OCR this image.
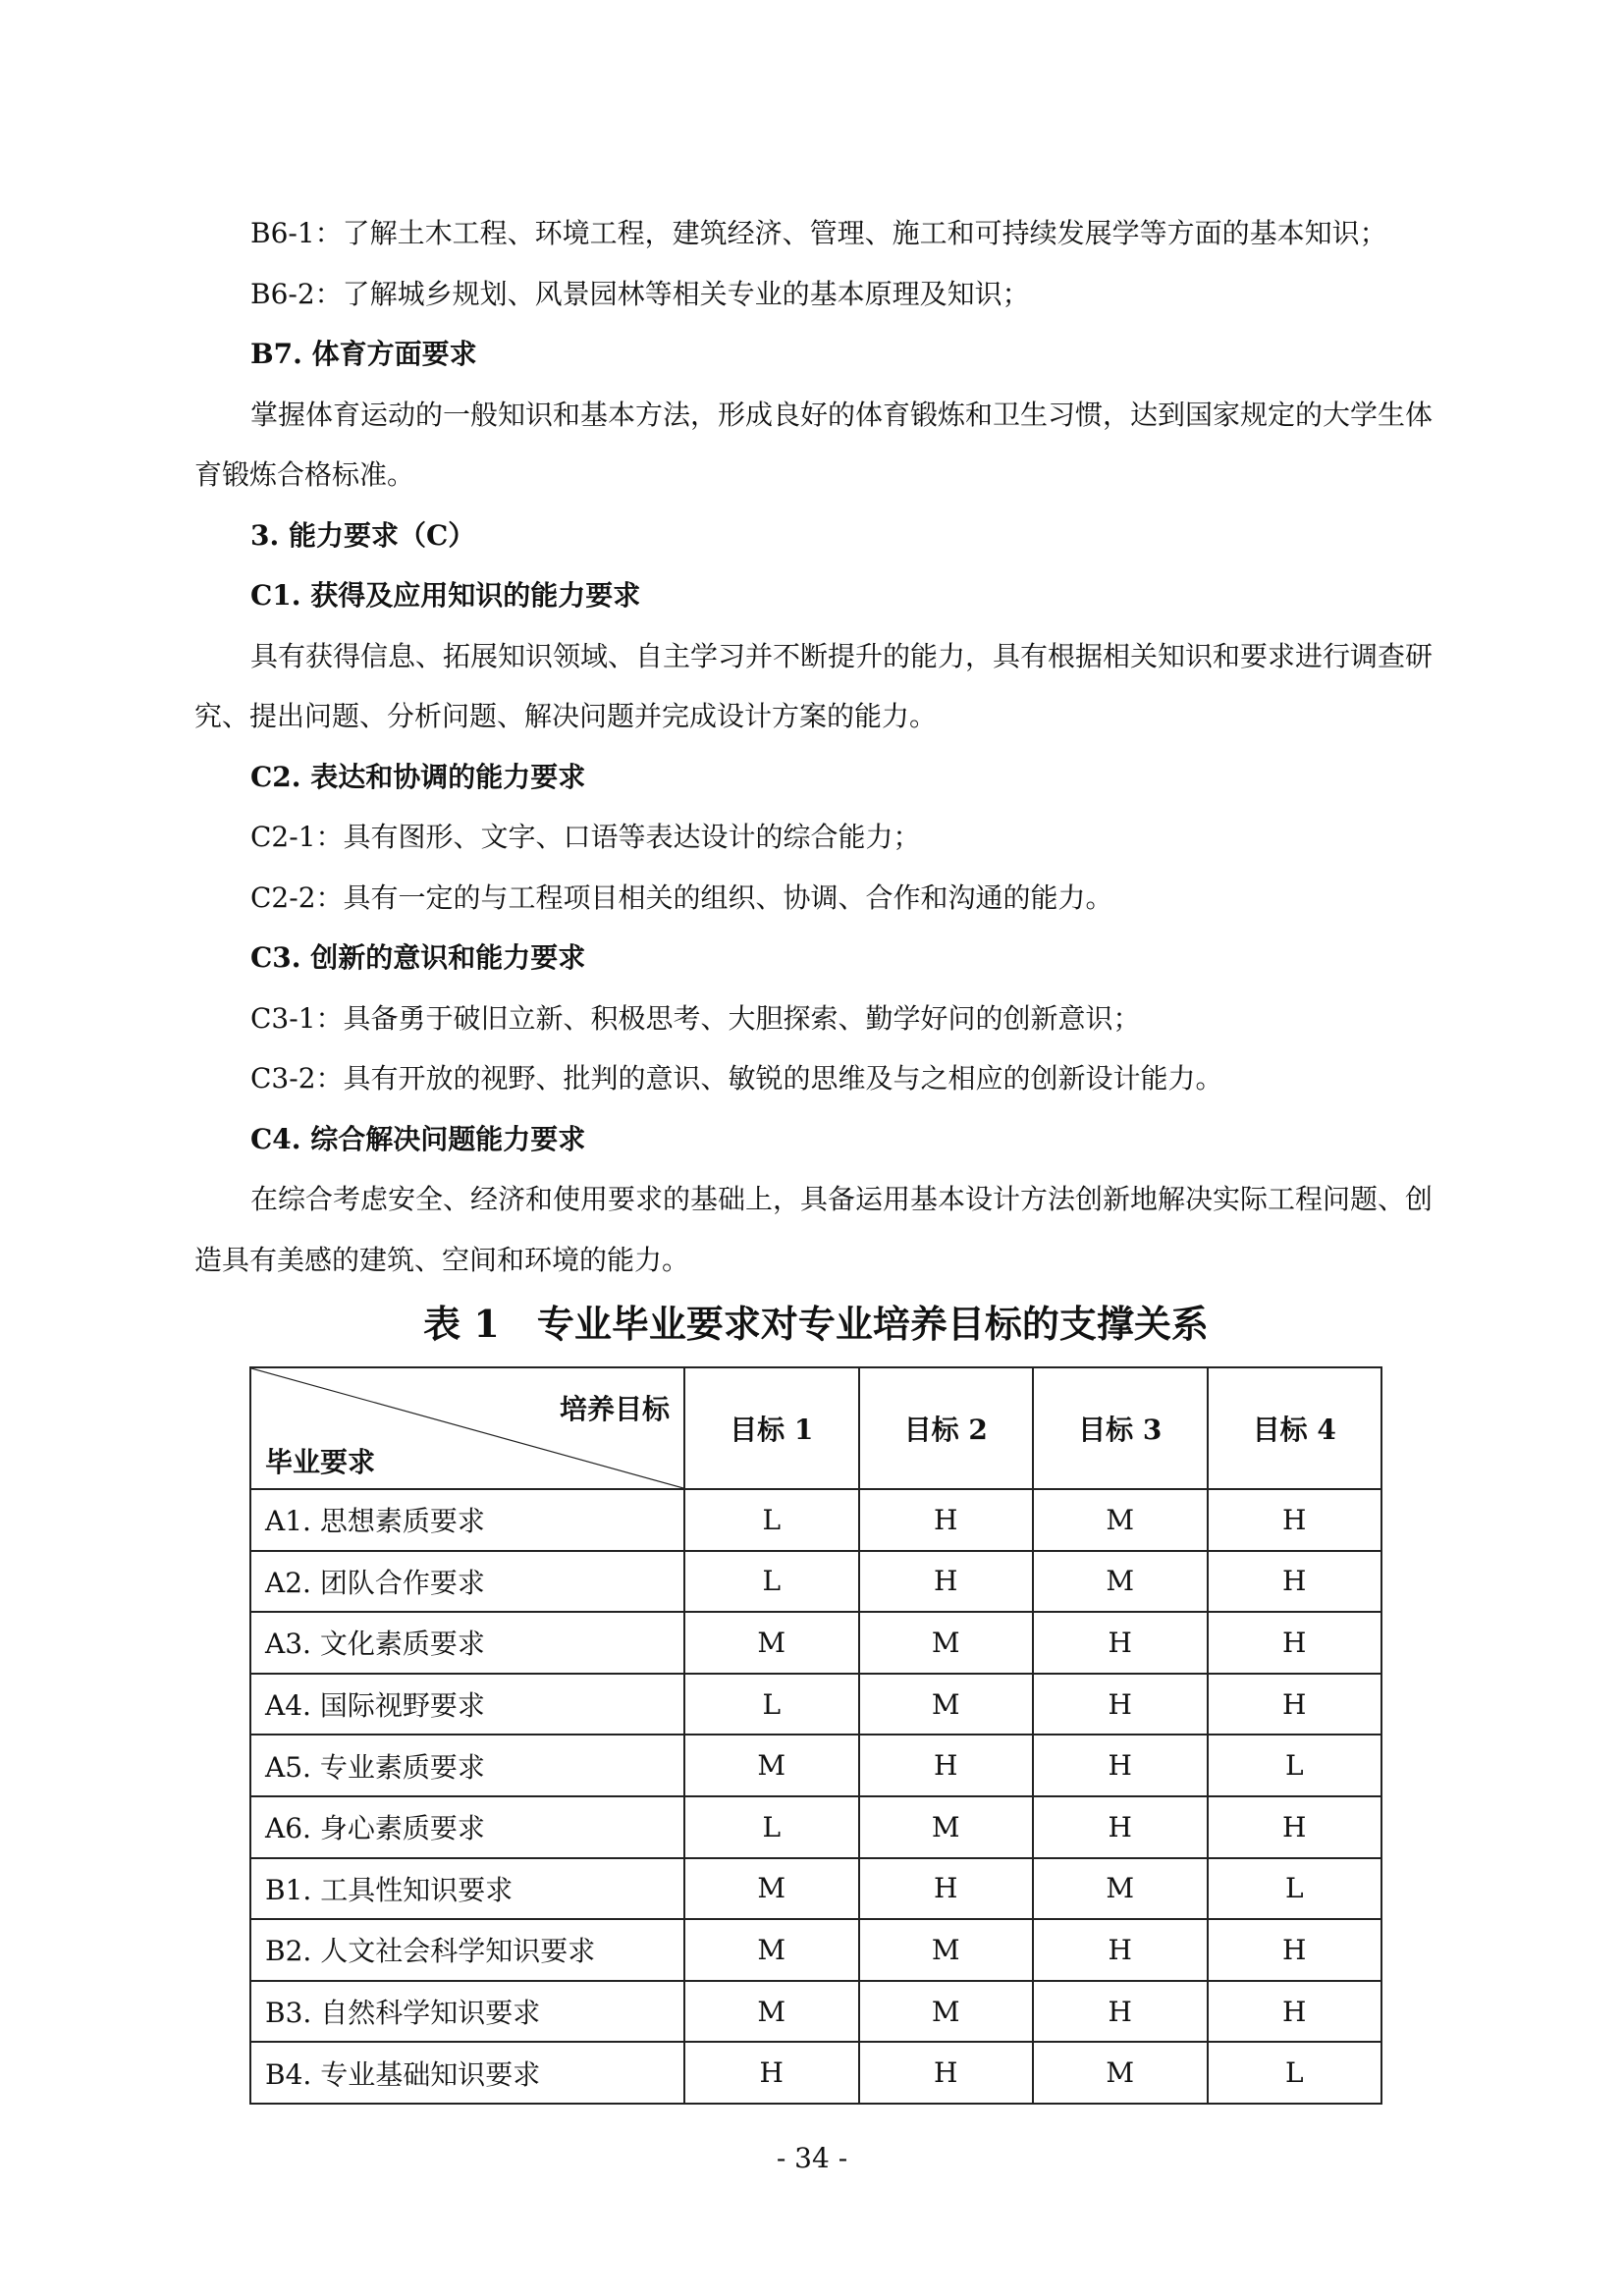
B6-1：了解土木工程、环境工程，建筑经济、管理、施工和可持续发展学等方面的基本知识；

B6-2：了解城乡规划、风景园林等相关专业的基本原理及知识；

B7. 体育方面要求

掌握体育运动的一般知识和基本方法，形成良好的体育锻炼和卫生习惯，达到国家规定的大学生体育锻炼合格标准。

3. 能力要求（C）

C1. 获得及应用知识的能力要求

具有获得信息、拓展知识领域、自主学习并不断提升的能力，具有根据相关知识和要求进行调查研究、提出问题、分析问题、解决问题并完成设计方案的能力。

C2. 表达和协调的能力要求

C2-1：具有图形、文字、口语等表达设计的综合能力；

C2-2：具有一定的与工程项目相关的组织、协调、合作和沟通的能力。

C3. 创新的意识和能力要求

C3-1：具备勇于破旧立新、积极思考、大胆探索、勤学好问的创新意识；

C3-2：具有开放的视野、批判的意识、敏锐的思维及与之相应的创新设计能力。

C4. 综合解决问题能力要求

在综合考虑安全、经济和使用要求的基础上，具备运用基本设计方法创新地解决实际工程问题、创造具有美感的建筑、空间和环境的能力。

表 1　专业毕业要求对专业培养目标的支撑关系

培养目标
毕业要求	目标 1	目标 2	目标 3	目标 4
A1. 思想素质要求	L	H	M	H
A2. 团队合作要求	L	H	M	H
A3. 文化素质要求	M	M	H	H
A4. 国际视野要求	L	M	H	H
A5. 专业素质要求	M	H	H	L
A6. 身心素质要求	L	M	H	H
B1. 工具性知识要求	M	H	M	L
B2. 人文社会科学知识要求	M	M	H	H
B3. 自然科学知识要求	M	M	H	H
B4. 专业基础知识要求	H	H	M	L

- 34 -
